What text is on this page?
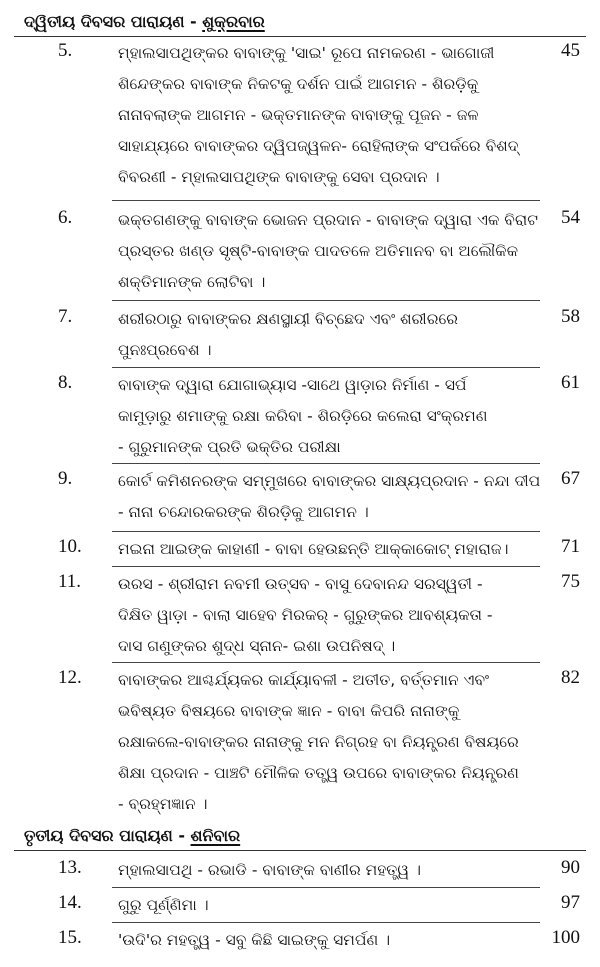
ଦ୍ୱିତୀୟ ଦିବସର ପାରାୟଣ - ଶୁକ୍ରବାର
5.	ମ୍ହାଲସାପଥିଙ୍କର ବାବାଙ୍କୁ 'ସାଇ' ରୂପେ ନାମକରଣ - ଭାଗୋଜୀ
ଶିନ୍ଦେଙ୍କର ବାବାଙ୍କ ନିକଟକୁ ଦର୍ଶନ ପାଇଁ ଆଗମନ - ଶିରଡ଼ିକୁ
ନାନାବଲାଙ୍କ ଆଗମନ - ଭକ୍ତମାନଙ୍କ ବାବାଙ୍କୁ ପୂଜନ - ଜଳ
ସାହାଯ୍ୟରେ ବାବାଙ୍କର ଦ୍ୱିପଜ୍ୱଳନ- ରୋହିଲାଙ୍କ ସଂପର୍କରେ ବିଶଦ୍
ବିବରଣୀ - ମ୍ହାଲସାପଥିଙ୍କ ବାବାଙ୍କୁ ସେବା ପ୍ରଦାନ ।
45
6.	ଭକ୍ତଗଣଙ୍କୁ ବାବାଙ୍କ ଭୋଜନ ପ୍ରଦାନ - ବାବାଙ୍କ ଦ୍ୱାରା ଏକ ବିରାଟ
ପ୍ରସ୍ତର ଖଣ୍ଡ ସୃଷ୍ଟି-ବାବାଙ୍କ ପାଦତଳେ ଅତିମାନବ ବା ଅଲୌକିକ
ଶକ୍ତିମାନଙ୍କ ଲୋଟିବା ।
54
7.	ଶରୀରଠାରୁ ବାବାଙ୍କର କ୍ଷଣସ୍ଥାୟୀ ବିଚ୍ଛେଦ ଏବଂ ଶରୀରରେ
ପୁନଃପ୍ରବେଶ ।
58
8.	ବାବାଙ୍କ ଦ୍ୱାରା ଯୋଗାଭ୍ୟାସ -ସାଥେ ୱାଡ଼ାର ନିର୍ମାଣ - ସର୍ପ
କାମୁଡ଼ାରୁ ଶମାଙ୍କୁ ରକ୍ଷା କରିବା - ଶିରଡ଼ିରେ କଲେରା ସଂକ୍ରମଣ
- ଗୁରୁମାନଙ୍କ ପ୍ରତି ଭକ୍ତିର ପରୀକ୍ଷା
61
9.	କୋର୍ଟ କମିଶନରଙ୍କ ସମ୍ମୁଖରେ ବାବାଙ୍କର ସାକ୍ଷ୍ୟପ୍ରଦାନ - ନନ୍ଦା ଦୀପ
- ନାନା ଚନ୍ଦୋରକରଙ୍କ ଶିରଡ଼ିକୁ ଆଗମନ ।
67
10.	ମଇନା ଆଇଙ୍କ କାହାଣୀ - ବାବା ହେଉଛନ୍ତି ଆକ୍କାକୋଟ୍ ମହାରାଜ।	71
11.	ଉରସ - ଶ୍ରୀରାମ ନବମୀ ଉତ୍ସବ - ବାସୁ ଦେବାନନ୍ଦ ସରସ୍ୱତୀ -
ଦିକ୍ଷିତ ୱାଡ଼ା - ବାଲା ସାହେବ ମିରକର୍ - ଗୁରୁଙ୍କର ଆବଶ୍ୟକତା -
ଦାସ ଗଣୁଙ୍କର ଶୁଦ୍ଧ ସ୍ନାନ- ଇଶା ଉପନିଷଦ୍ ।
75
12.	ବାବାଙ୍କର ଆଶ୍ଚର୍ଯ୍ୟକର କାର୍ଯ୍ୟାବଳୀ - ଅତୀତ, ବର୍ତ୍ତମାନ ଏବଂ
ଭବିଷ୍ୟତ ବିଷୟରେ ବାବାଙ୍କ ଜ୍ଞାନ - ବାବା କିପରି ନାନାଙ୍କୁ
ରକ୍ଷାକଲେ-ବାବାଙ୍କର ନାନାଙ୍କୁ ମନ ନିଗ୍ରହ ବା ନିୟନ୍ତ୍ରଣ ବିଷୟରେ
ଶିକ୍ଷା ପ୍ରଦାନ - ପାଞ୍ଚଟି ମୌଳିକ ତତ୍ତ୍ୱ ଉପରେ ବାବାଙ୍କର ନିୟନ୍ତ୍ରଣ
- ବ୍ରହ୍ମଜ୍ଞାନ ।
82
ତୃତୀୟ ଦିବସର ପାରାୟଣ - ଶନିବାର
13.	ମ୍ହାଲସାପଥି - ରଭାଡି - ବାବାଙ୍କ ବାଣୀର ମହତ୍ତ୍ୱ ।	90
14.	ଗୁରୁ ପୂର୍ଣ୍ଣିମା ।	97
15.	'ଉଦି'ର ମହତ୍ତ୍ୱ - ସବୁ କିଛି ସାଇଙ୍କୁ ସମର୍ପଣ ।	100
